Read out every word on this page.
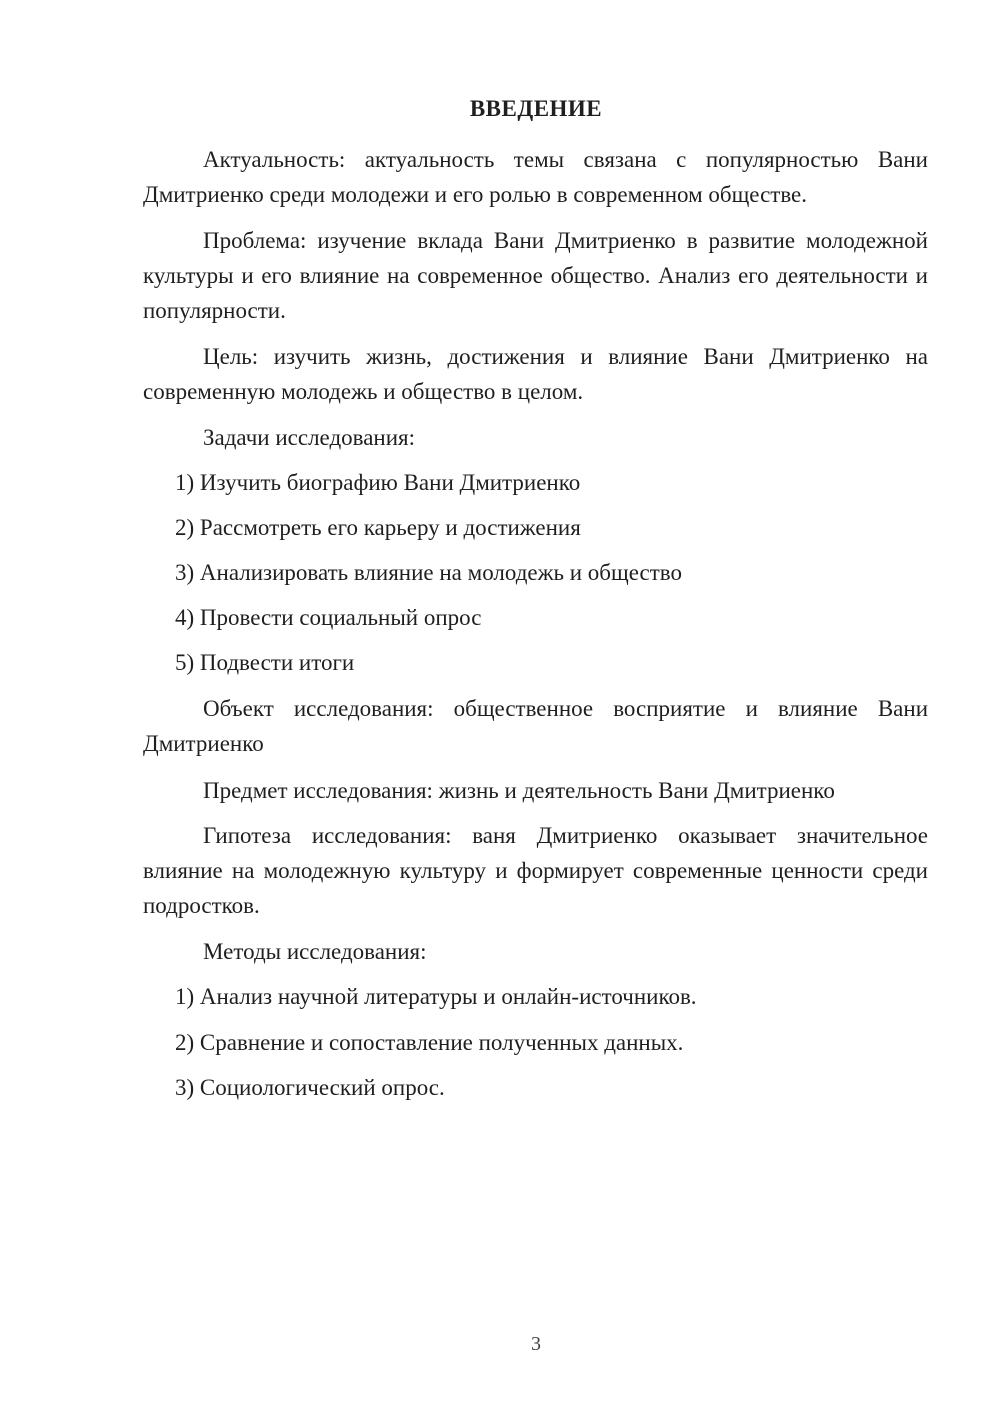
ВВЕДЕНИЕ
Актуальность: актуальность темы связана с популярностью Вани Дмитриенко среди молодежи и его ролью в современном обществе.
Проблема: изучение вклада Вани Дмитриенко в развитие молодежной культуры и его влияние на современное общество. Анализ его деятельности и популярности.
Цель: изучить жизнь, достижения и влияние Вани Дмитриенко на современную молодежь и общество в целом.
Задачи исследования:
1) Изучить биографию Вани Дмитриенко
2) Рассмотреть его карьеру и достижения
3) Анализировать влияние на молодежь и общество
4) Провести социальный опрос
5) Подвести итоги
Объект исследования: общественное восприятие и влияние Вани Дмитриенко
Предмет исследования: жизнь и деятельность Вани Дмитриенко
Гипотеза исследования: ваня Дмитриенко оказывает значительное влияние на молодежную культуру и формирует современные ценности среди подростков.
Методы исследования:
1) Анализ научной литературы и онлайн-источников.
2) Сравнение и сопоставление полученных данных.
3) Социологический опрос.
3
